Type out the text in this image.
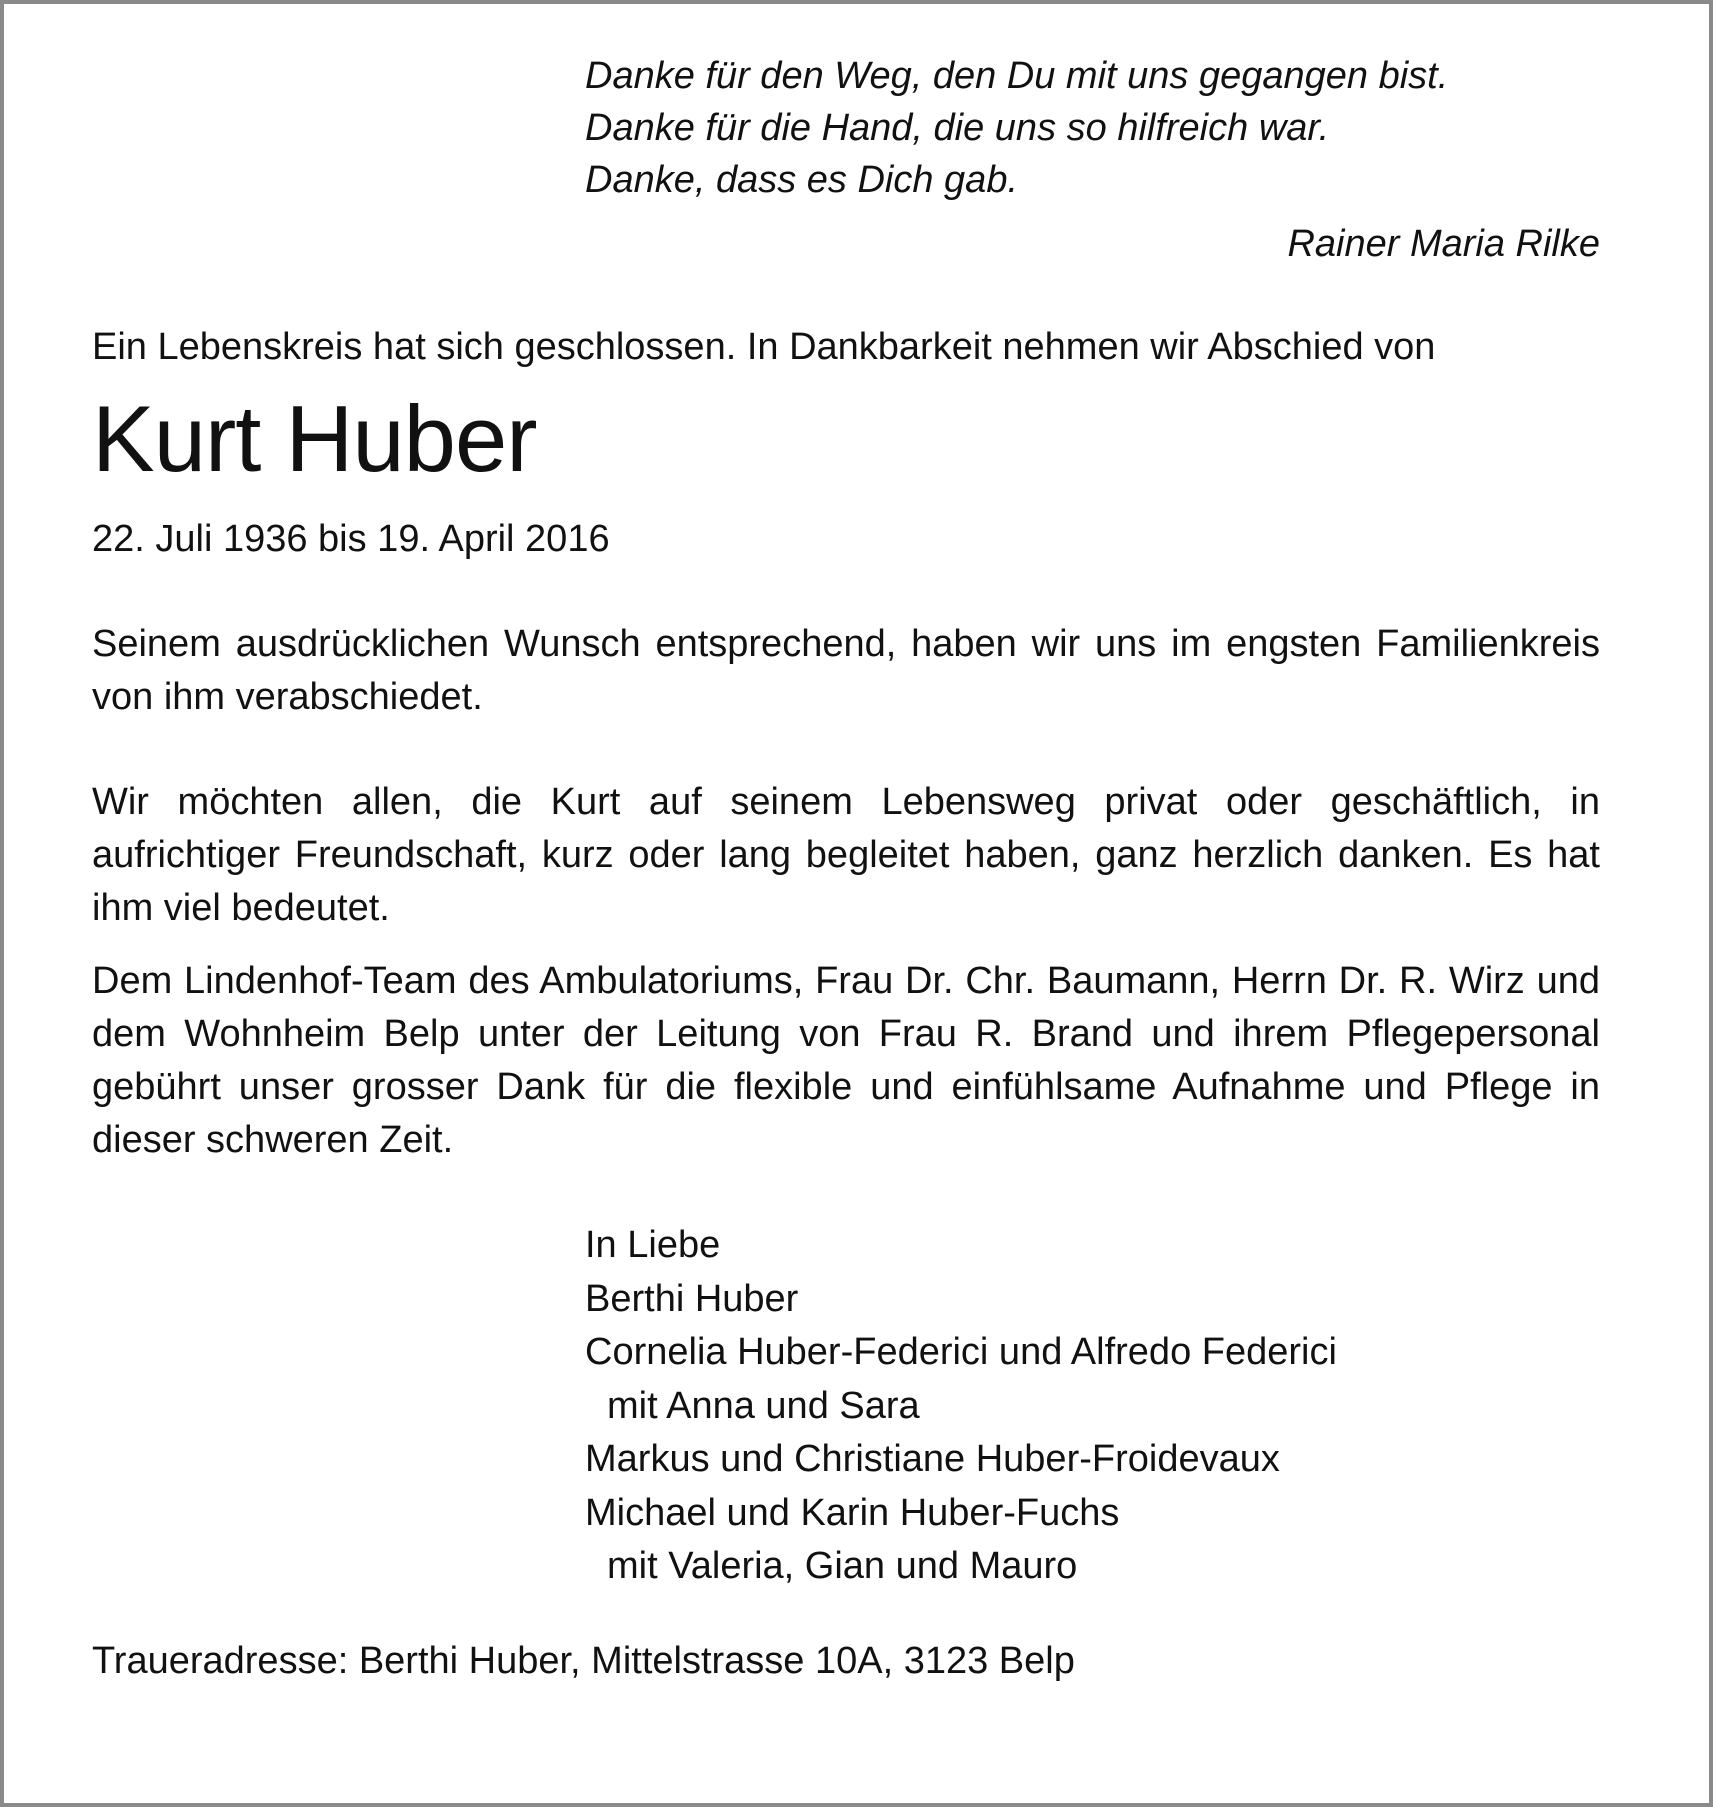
Danke für den Weg, den Du mit uns gegangen bist.
Danke für die Hand, die uns so hilfreich war.
Danke, dass es Dich gab.
Rainer Maria Rilke
Ein Lebenskreis hat sich geschlossen. In Dankbarkeit nehmen wir Abschied von
Kurt Huber
22. Juli 1936 bis 19. April 2016
Seinem ausdrücklichen Wunsch entsprechend, haben wir uns im engsten Familienkreis von ihm verabschiedet.
Wir möchten allen, die Kurt auf seinem Lebensweg privat oder geschäftlich, in aufrichtiger Freundschaft, kurz oder lang begleitet haben, ganz herzlich danken. Es hat ihm viel bedeutet.
Dem Lindenhof-Team des Ambulatoriums, Frau Dr. Chr. Baumann, Herrn Dr. R. Wirz und dem Wohnheim Belp unter der Leitung von Frau R. Brand und ihrem Pflegepersonal gebührt unser grosser Dank für die flexible und einfühlsame Aufnahme und Pflege in dieser schweren Zeit.
In Liebe
Berthi Huber
Cornelia Huber-Federici und Alfredo Federici
mit Anna und Sara
Markus und Christiane Huber-Froidevaux
Michael und Karin Huber-Fuchs
mit Valeria, Gian und Mauro
Traueradresse: Berthi Huber, Mittelstrasse 10A, 3123 Belp
